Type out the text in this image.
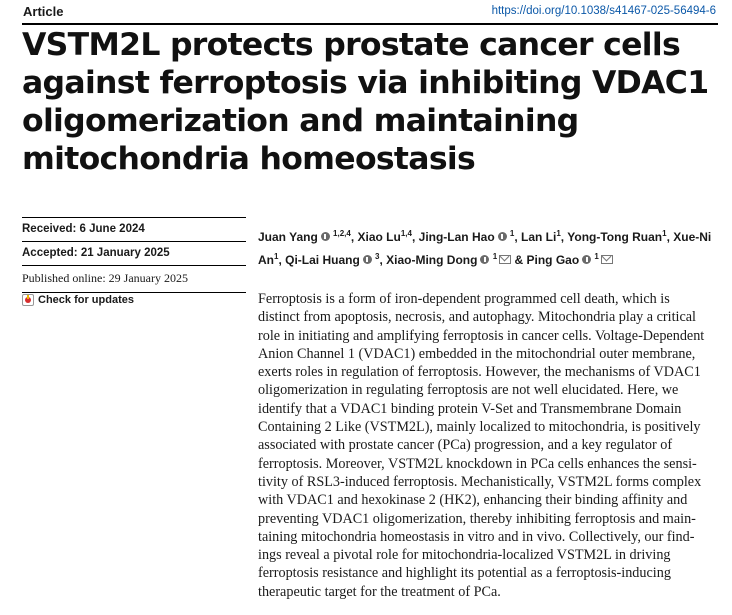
Article	https://doi.org/10.1038/s41467-025-56494-6
VSTM2L protects prostate cancer cells
against ferroptosis via inhibiting VDAC1
oligomerization and maintaining
mitochondria homeostasis
Received: 6 June 2024
Accepted: 21 January 2025
Published online: 29 January 2025
Check for updates

Juan Yang $^{1,2,4}$, Xiao Lu$^{1,4}$, Jing-Lan Hao $^1$, Lan Li$^1$, Yong-Tong Ruan$^1$, Xue-Ni An$^1$, Qi-Lai Huang $^3$, Xiao-Ming Dong $^1$ & Ping Gao $^1$

Ferroptosis is a form of iron-dependent programmed cell death, which is
distinct from apoptosis, necrosis, and autophagy. Mitochondria play a critical
role in initiating and amplifying ferroptosis in cancer cells. Voltage-Dependent
Anion Channel 1 (VDAC1) embedded in the mitochondrial outer membrane,
exerts roles in regulation of ferroptosis. However, the mechanisms of VDAC1
oligomerization in regulating ferroptosis are not well elucidated. Here, we
identify that a VDAC1 binding protein V-Set and Transmembrane Domain
Containing 2 Like (VSTM2L), mainly localized to mitochondria, is positively
associated with prostate cancer (PCa) progression, and a key regulator of
ferroptosis. Moreover, VSTM2L knockdown in PCa cells enhances the sensi-
tivity of RSL3-induced ferroptosis. Mechanistically, VSTM2L forms complex
with VDAC1 and hexokinase 2 (HK2), enhancing their binding affinity and
preventing VDAC1 oligomerization, thereby inhibiting ferroptosis and main-
taining mitochondria homeostasis in vitro and in vivo. Collectively, our find-
ings reveal a pivotal role for mitochondria-localized VSTM2L in driving
ferroptosis resistance and highlight its potential as a ferroptosis-inducing
therapeutic target for the treatment of PCa.
